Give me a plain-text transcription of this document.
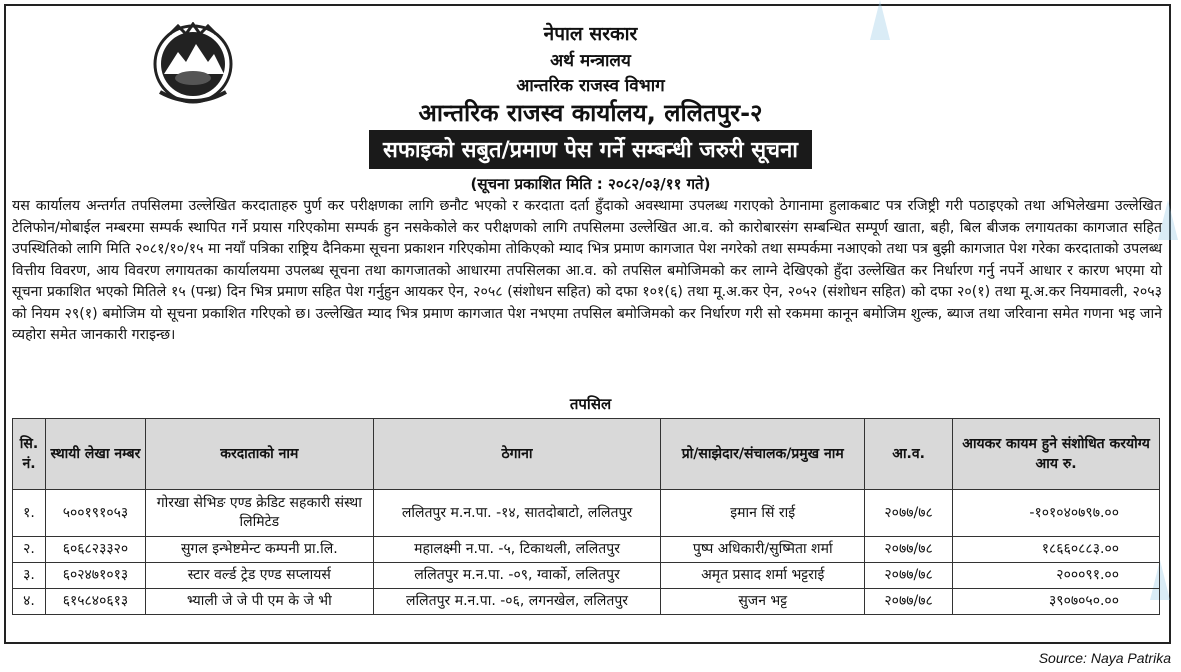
नेपाल सरकार
अर्थ मन्त्रालय
आन्तरिक राजस्व विभाग
आन्तरिक राजस्व कार्यालय, ललितपुर-२
सफाइको सबुत/प्रमाण पेस गर्ने सम्बन्धी जरुरी सूचना
(सूचना प्रकाशित मिति : २०८२/०३/११ गते)
यस कार्यालय अन्तर्गत तपसिलमा उल्लेखित करदाताहरु पुर्ण कर परीक्षणका लागि छनौट भएको र करदाता दर्ता हुँदाको अवस्थामा उपलब्ध गराएको ठेगानामा हुलाकबाट पत्र रजिष्ट्री गरी पठाइएको तथा अभिलेखमा उल्लेखित टेलिफोन/मोबाईल नम्बरमा सम्पर्क स्थापित गर्ने प्रयास गरिएकोमा सम्पर्क हुन नसकेकोले कर परीक्षणको लागि तपसिलमा उल्लेखित आ.व. को कारोबारसंग सम्बन्धित सम्पूर्ण खाता, बही, बिल बीजक लगायतका कागजात सहित उपस्थितिको लागि मिति २०८१/१०/१५ मा नयाँ पत्रिका राष्ट्रिय दैनिकमा सूचना प्रकाशन गरिएकोमा तोकिएको म्याद भित्र प्रमाण कागजात पेश नगरेको तथा सम्पर्कमा नआएको तथा पत्र बुझी कागजात पेश गरेका करदाताको उपलब्ध वित्तीय विवरण, आय विवरण लगायतका कार्यालयमा उपलब्ध सूचना तथा कागजातको आधारमा तपसिलका आ.व. को तपसिल बमोजिमको कर लाग्ने देखिएको हुँदा उल्लेखित कर निर्धारण गर्नु नपर्ने आधार र कारण भएमा यो सूचना प्रकाशित भएको मितिले १५ (पन्ध्र) दिन भित्र प्रमाण सहित पेश गर्नुहुन आयकर ऐन, २०५८ (संशोधन सहित) को दफा १०१(६) तथा मू.अ.कर ऐन, २०५२ (संशोधन सहित) को दफा २०(१) तथा मू.अ.कर नियमावली, २०५३ को नियम २९(१) बमोजिम यो सूचना प्रकाशित गरिएको छ। उल्लेखित म्याद भित्र प्रमाण कागजात पेश नभएमा तपसिल बमोजिमको कर निर्धारण गरी सो रकममा कानून बमोजिम शुल्क, ब्याज तथा जरिवाना समेत गणना भइ जाने व्यहोरा समेत जानकारी गराइन्छ।
तपसिल
सि. नं.	स्थायी लेखा नम्बर	करदाताको नाम	ठेगाना	प्रो/साझेदार/संचालक/प्रमुख नाम	आ.व.	आयकर कायम हुने संशोधित करयोग्य आय रु.
१.	५००१९१०५३	गोरखा सेभिङ एण्ड क्रेडिट सहकारी संस्था लिमिटेड	ललितपुर म.न.पा. -१४, सातदोबाटो, ललितपुर	इमान सिं राई	२०७७/७८	-१०१०४०७९७.००
२.	६०६८२३३२०	सुगल इन्भेष्टमेन्ट कम्पनी प्रा.लि.	महालक्ष्मी न.पा. -५, टिकाथली, ललितपुर	पुष्प अधिकारी/सुष्मिता शर्मा	२०७७/७८	१८६६०८८३.००
३.	६०२४७१०१३	स्टार वर्ल्ड ट्रेड एण्ड सप्लायर्स	ललितपुर म.न.पा. -०९, ग्वार्को, ललितपुर	अमृत प्रसाद शर्मा भट्टराई	२०७७/७८	२०००९१.००
४.	६१५८४०६१३	भ्याली जे जे पी एम के जे भी	ललितपुर म.न.पा. -०६, लगनखेल, ललितपुर	सुजन भट्ट	२०७७/७८	३९०७०५०.००
Source: Naya Patrika
